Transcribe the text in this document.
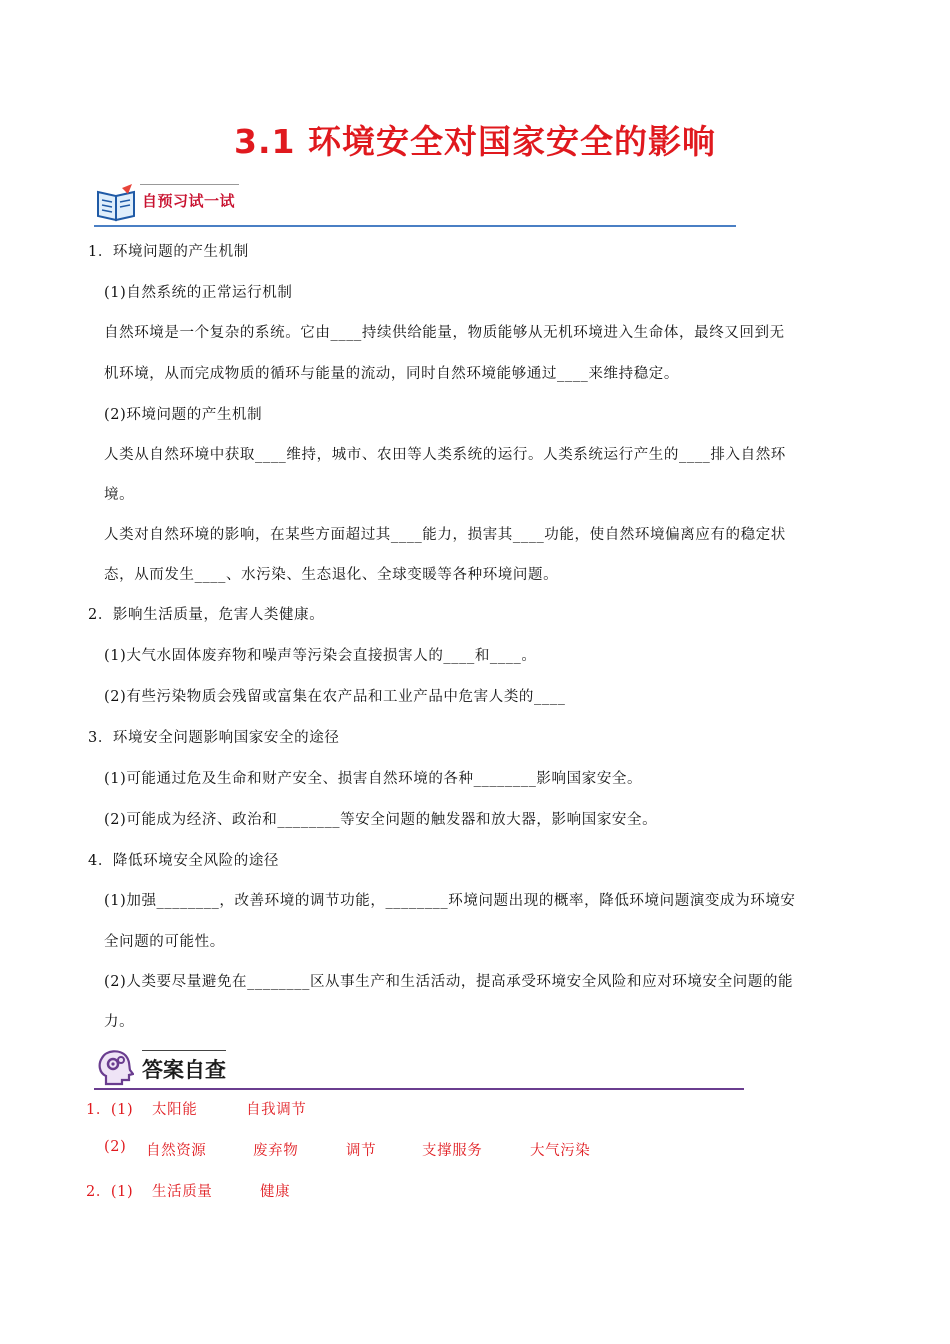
3.1 环境安全对国家安全的影响
自预习试一试
1．环境问题的产生机制
(1)自然系统的正常运行机制
自然环境是一个复杂的系统。它由____持续供给能量，物质能够从无机环境进入生命体，最终又回到无
机环境，从而完成物质的循环与能量的流动，同时自然环境能够通过____来维持稳定。
(2)环境问题的产生机制
人类从自然环境中获取____维持，城市、农田等人类系统的运行。人类系统运行产生的____排入自然环
境。
人类对自然环境的影响，在某些方面超过其____能力，损害其____功能，使自然环境偏离应有的稳定状
态，从而发生____、水污染、生态退化、全球变暖等各种环境问题。
2．影响生活质量，危害人类健康。
(1)大气水固体废弃物和噪声等污染会直接损害人的____和____。
(2)有些污染物质会残留或富集在农产品和工业产品中危害人类的____
3．环境安全问题影响国家安全的途径
(1)可能通过危及生命和财产安全、损害自然环境的各种________影响国家安全。
(2)可能成为经济、政治和________等安全问题的触发器和放大器，影响国家安全。
4．降低环境安全风险的途径
(1)加强________，改善环境的调节功能，________环境问题出现的概率，降低环境问题演变成为环境安
全问题的可能性。
(2)人类要尽量避免在________区从事生产和生活活动，提高承受环境安全风险和应对环境安全问题的能
力。
答案自查
1．(1) 太阳能	自我调节
(2) 自然资源	废弃物	调节	支撑服务	大气污染
2．(1) 生活质量	健康
